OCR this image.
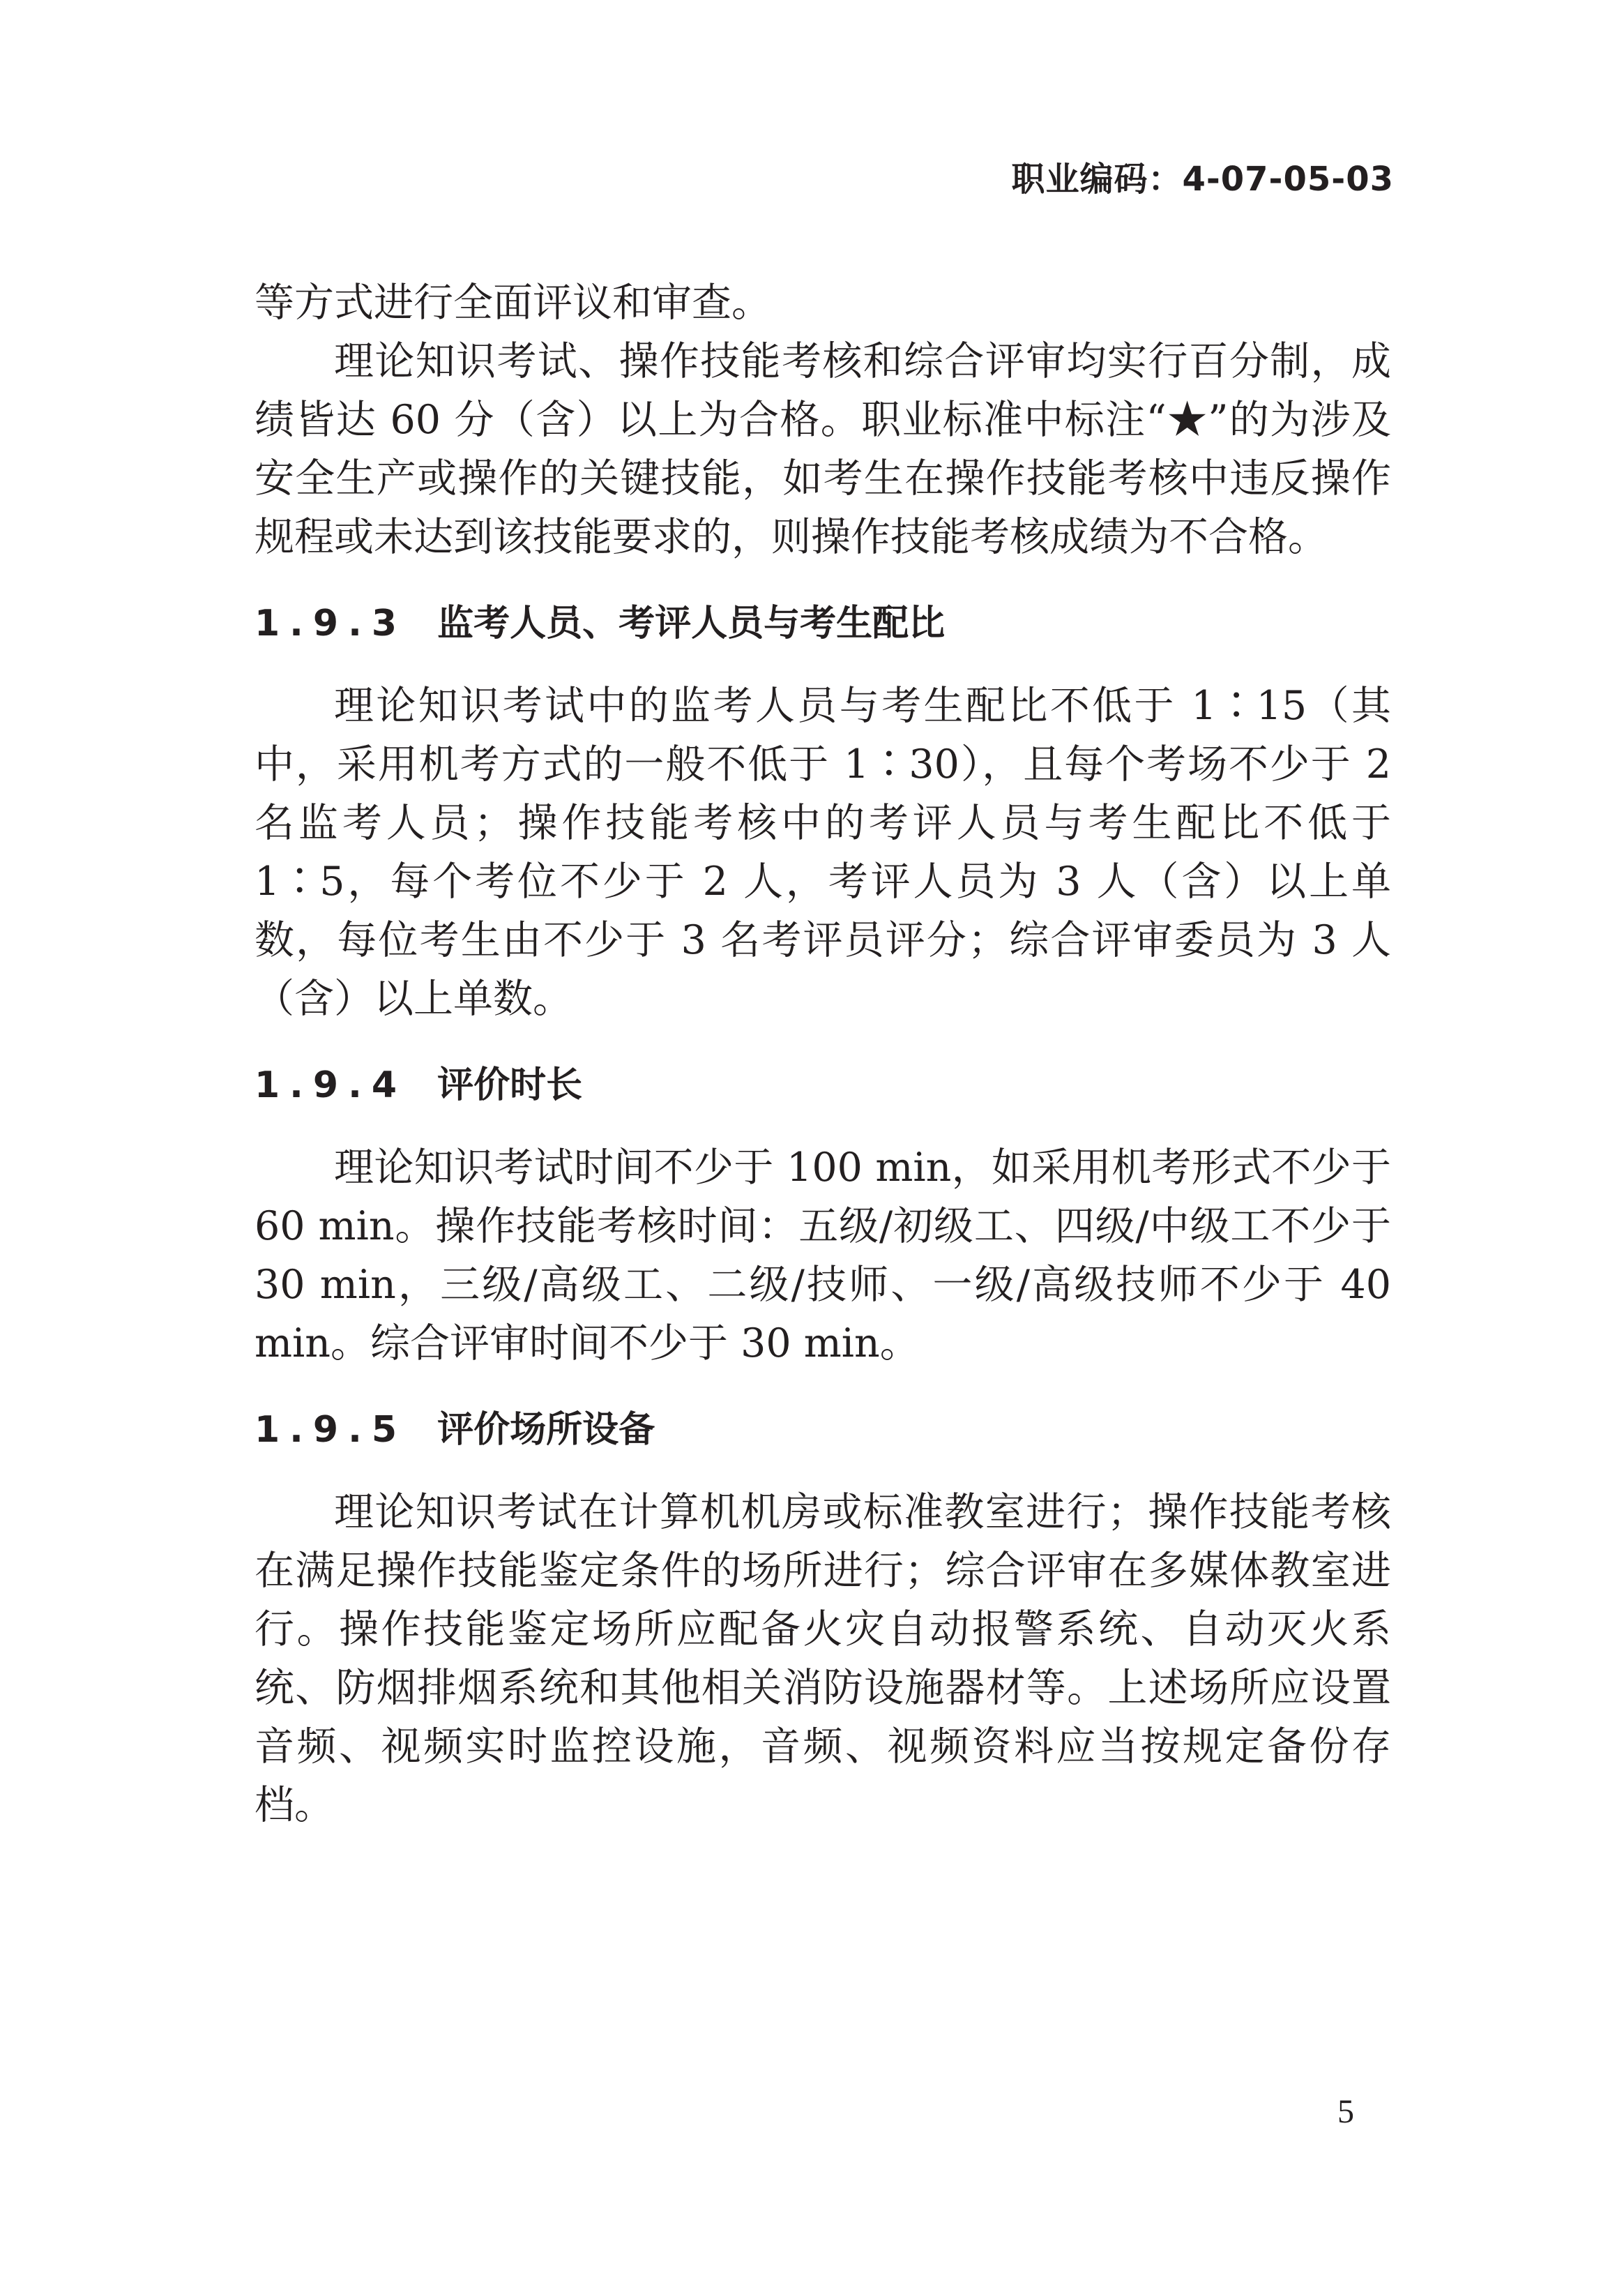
职业编码：4-07-05-03

等方式进行全面评议和审查。

理论知识考试、操作技能考核和综合评审均实行百分制，成绩皆达 60 分（含）以上为合格。职业标准中标注“★”的为涉及安全生产或操作的关键技能，如考生在操作技能考核中违反操作规程或未达到该技能要求的，则操作技能考核成绩为不合格。

1.9.3 监考人员、考评人员与考生配比

理论知识考试中的监考人员与考生配比不低于 1∶15（其中，采用机考方式的一般不低于 1∶30），且每个考场不少于 2 名监考人员；操作技能考核中的考评人员与考生配比不低于 1∶5，每个考位不少于 2 人，考评人员为 3 人（含）以上单数，每位考生由不少于 3 名考评员评分；综合评审委员为 3 人（含）以上单数。

1.9.4 评价时长

理论知识考试时间不少于 100 min，如采用机考形式不少于 60 min。操作技能考核时间：五级/初级工、四级/中级工不少于 30 min，三级/高级工、二级/技师、一级/高级技师不少于 40 min。综合评审时间不少于 30 min。

1.9.5 评价场所设备

理论知识考试在计算机机房或标准教室进行；操作技能考核在满足操作技能鉴定条件的场所进行；综合评审在多媒体教室进行。操作技能鉴定场所应配备火灾自动报警系统、自动灭火系统、防烟排烟系统和其他相关消防设施器材等。上述场所应设置音频、视频实时监控设施，音频、视频资料应当按规定备份存档。

5
